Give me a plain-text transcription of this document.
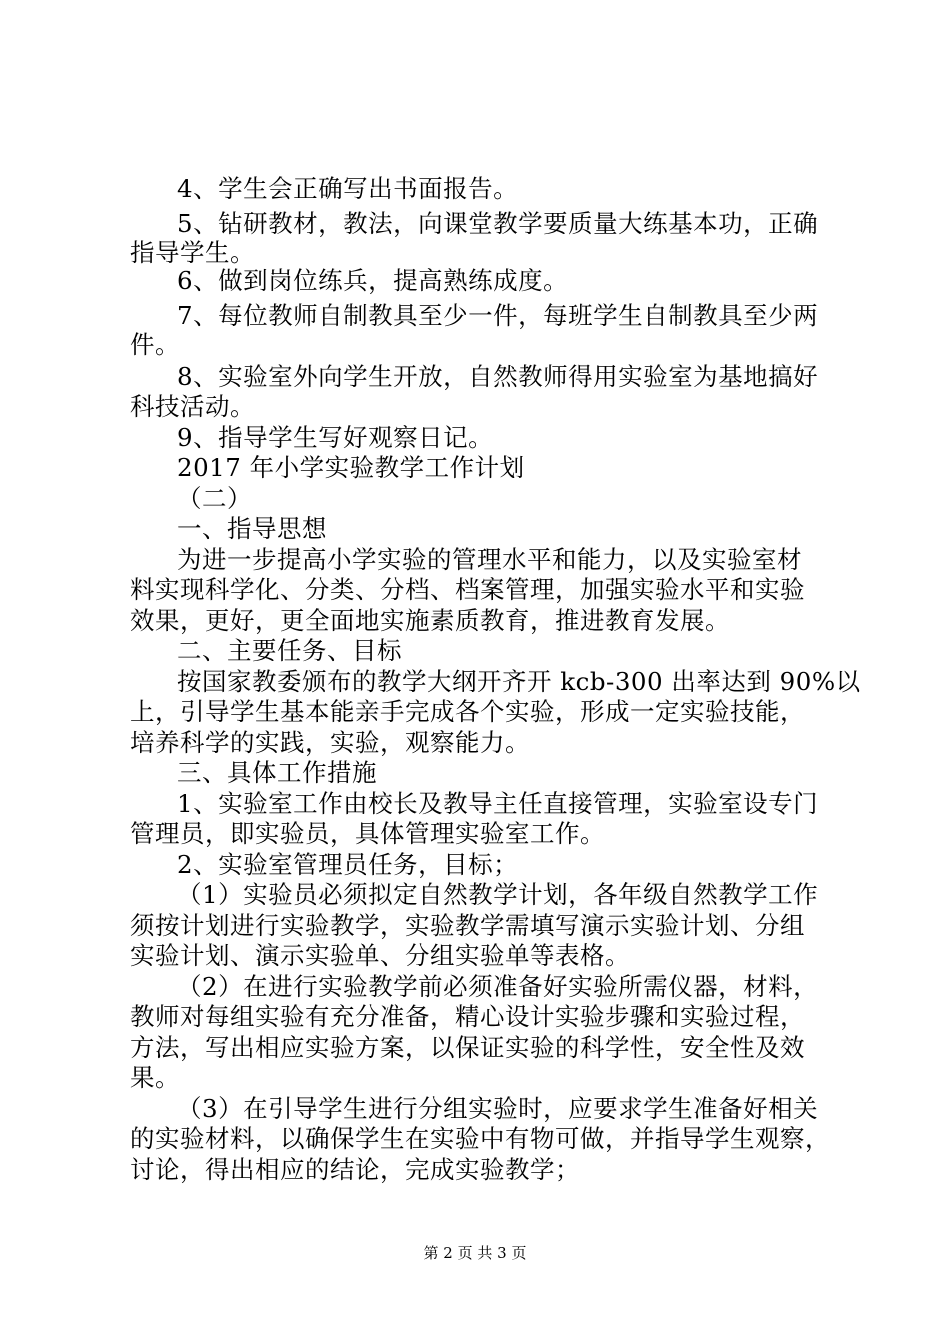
4、学生会正确写出书面报告。
5、钻研教材，教法，向课堂教学要质量大练基本功，正确
指导学生。
6、做到岗位练兵，提高熟练成度。
7、每位教师自制教具至少一件，每班学生自制教具至少两
件。
8、实验室外向学生开放，自然教师得用实验室为基地搞好
科技活动。
9、指导学生写好观察日记。
2017 年小学实验教学工作计划
（二）
一、指导思想
为进一步提高小学实验的管理水平和能力，以及实验室材
料实现科学化、分类、分档、档案管理，加强实验水平和实验
效果，更好，更全面地实施素质教育，推进教育发展。
二、主要任务、目标
按国家教委颁布的教学大纲开齐开 kcb-300 出率达到 90%以
上，引导学生基本能亲手完成各个实验，形成一定实验技能，
培养科学的实践，实验，观察能力。
三、具体工作措施
1、实验室工作由校长及教导主任直接管理，实验室设专门
管理员，即实验员，具体管理实验室工作。
2、实验室管理员任务，目标；
（1）实验员必须拟定自然教学计划，各年级自然教学工作
须按计划进行实验教学，实验教学需填写演示实验计划、分组
实验计划、演示实验单、分组实验单等表格。
（2）在进行实验教学前必须准备好实验所需仪器，材料，
教师对每组实验有充分准备，精心设计实验步骤和实验过程，
方法，写出相应实验方案，以保证实验的科学性，安全性及效
果。
（3）在引导学生进行分组实验时，应要求学生准备好相关
的实验材料，以确保学生在实验中有物可做，并指导学生观察，
讨论，得出相应的结论，完成实验教学；
第 2 页 共 3 页
